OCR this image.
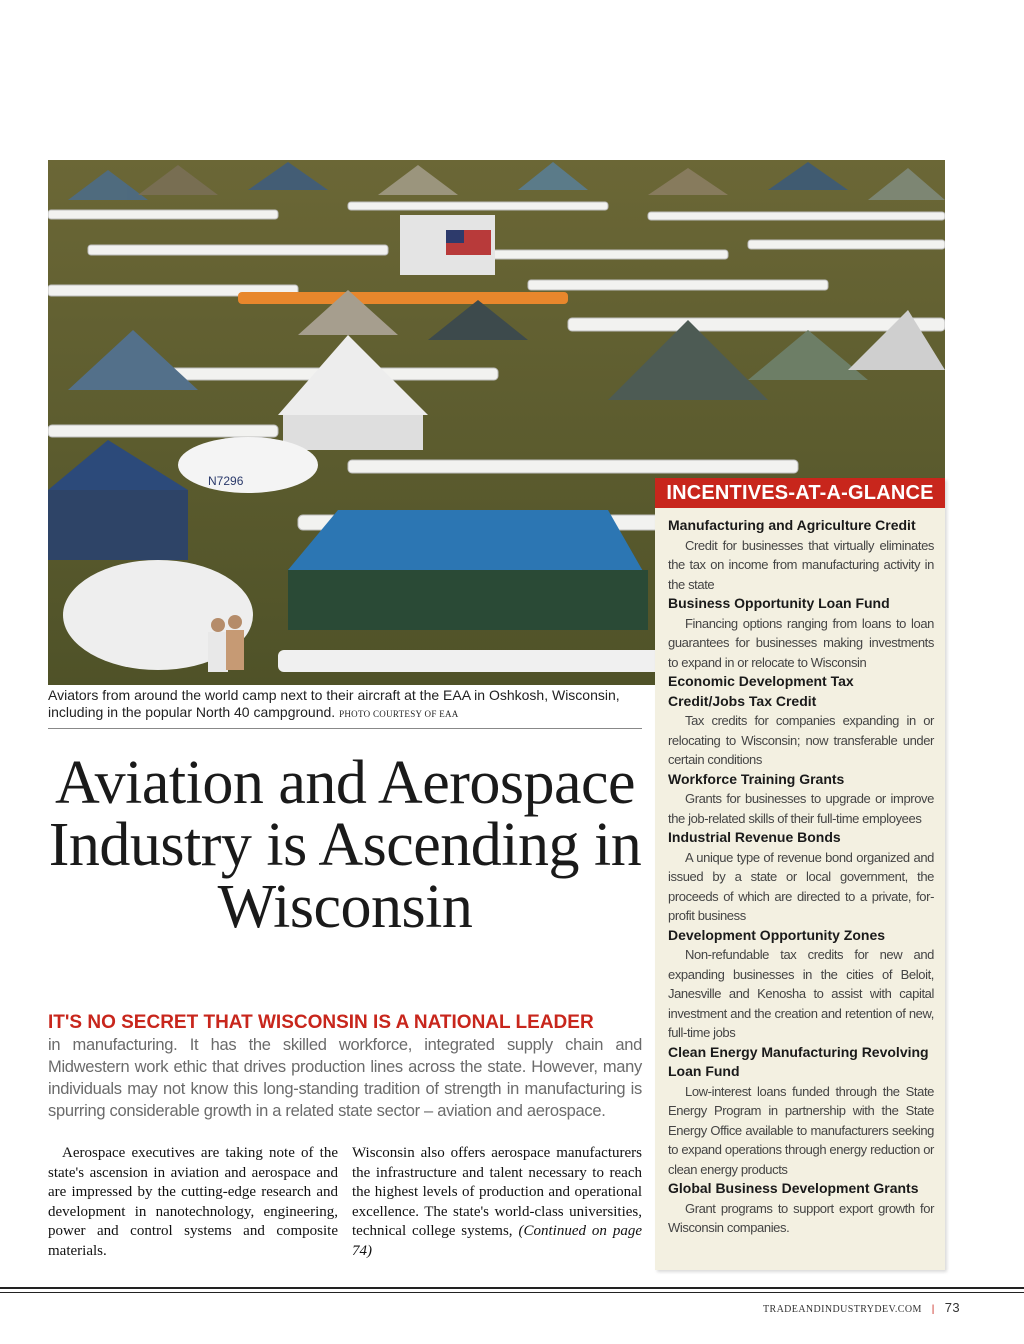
N7296
Aviators from around the world camp next to their aircraft at the EAA in Oshkosh, Wisconsin, including in the popular North 40 campground. PHOTO COURTESY OF EAA
Aviation and Aerospace Industry is Ascending in Wisconsin
IT'S NO SECRET THAT WISCONSIN IS A NATIONAL LEADER
in manufacturing. It has the skilled workforce, integrated supply chain and Midwestern work ethic that drives production lines across the state. However, many individuals may not know this long-standing tradition of strength in manufacturing is spurring considerable growth in a related state sector – aviation and aerospace.
Aerospace executives are taking note of the state's ascension in aviation and aerospace and are impressed by the cutting-edge research and development in nanotechnology, engineering, power and control systems and composite materials.
Wisconsin also offers aerospace manufacturers the infrastructure and talent necessary to reach the highest levels of production and operational excellence. The state's world-class universities, technical college systems, (Continued on page 74)
INCENTIVES-AT-A-GLANCE
Manufacturing and Agriculture Credit
Credit for businesses that virtually eliminates the tax on income from manufacturing activity in the state
Business Opportunity Loan Fund
Financing options ranging from loans to loan guarantees for businesses making investments to expand in or relocate to Wisconsin
Economic Development Tax Credit/Jobs Tax Credit
Tax credits for companies expanding in or relocating to Wisconsin; now transferable under certain conditions
Workforce Training Grants
Grants for businesses to upgrade or improve the job-related skills of their full-time employees
Industrial Revenue Bonds
A unique type of revenue bond organized and issued by a state or local government, the proceeds of which are directed to a private, for-profit business
Development Opportunity Zones
Non-refundable tax credits for new and expanding businesses in the cities of Beloit, Janesville and Kenosha to assist with capital investment and the creation and retention of new, full-time jobs
Clean Energy Manufacturing Revolving Loan Fund
Low-interest loans funded through the State Energy Program in partnership with the State Energy Office available to manufacturers seeking to expand operations through energy reduction or clean energy products
Global Business Development Grants
Grant programs to support export growth for Wisconsin companies.
TRADEANDINDUSTRYDEV.COM | 73
